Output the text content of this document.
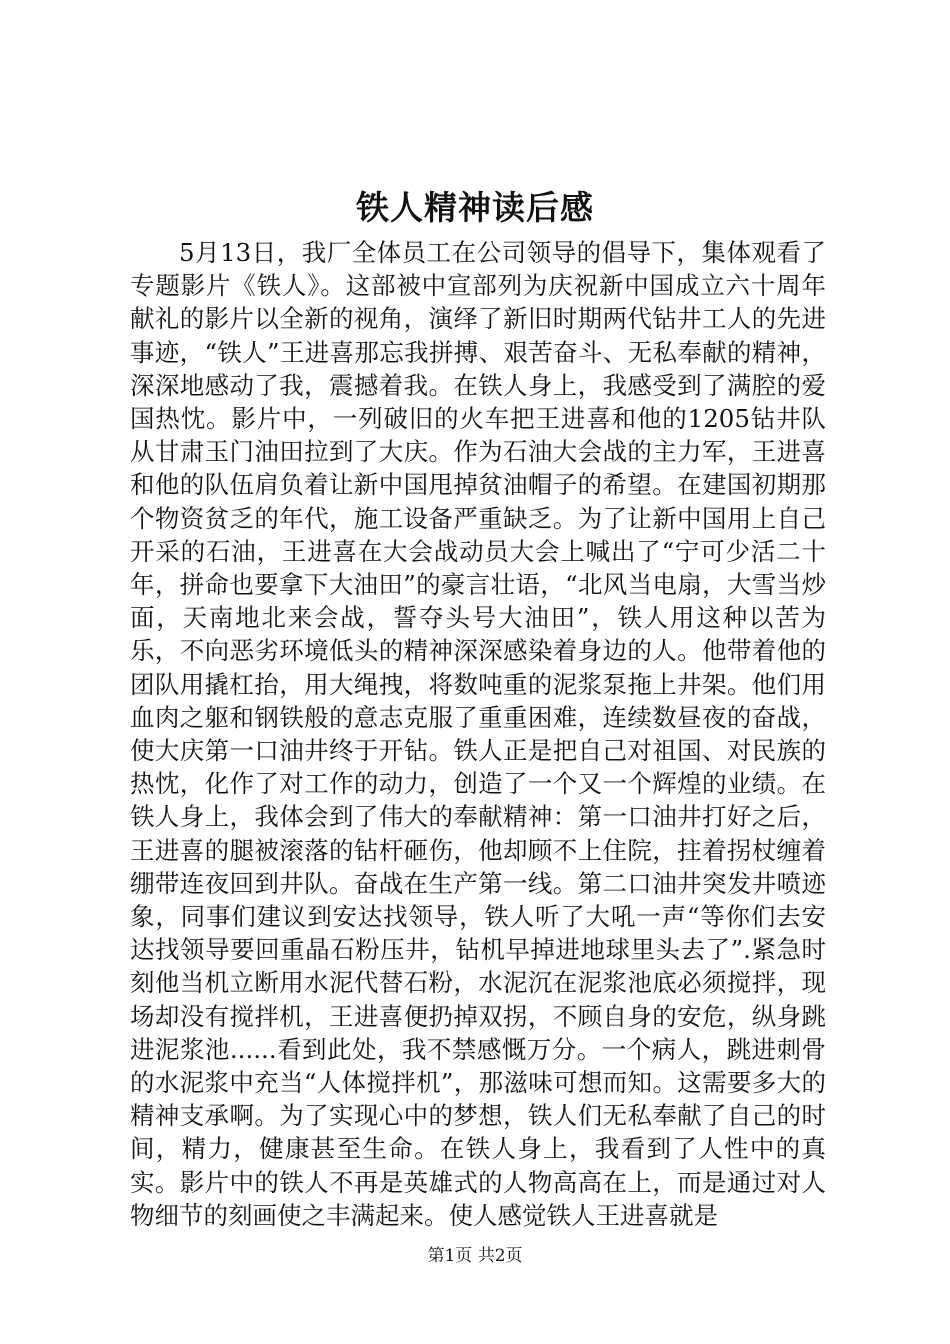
铁人精神读后感

5月13日，我厂全体员工在公司领导的倡导下，集体观看了专题影片《铁人》。这部被中宣部列为庆祝新中国成立六十周年献礼的影片以全新的视角，演绎了新旧时期两代钻井工人的先进事迹，“铁人”王进喜那忘我拼搏、艰苦奋斗、无私奉献的精神，深深地感动了我，震撼着我。在铁人身上，我感受到了满腔的爱国热忱。影片中，一列破旧的火车把王进喜和他的1205钻井队从甘肃玉门油田拉到了大庆。作为石油大会战的主力军，王进喜和他的队伍肩负着让新中国甩掉贫油帽子的希望。在建国初期那个物资贫乏的年代，施工设备严重缺乏。为了让新中国用上自己开采的石油，王进喜在大会战动员大会上喊出了“宁可少活二十年，拼命也要拿下大油田”的豪言壮语，“北风当电扇，大雪当炒面，天南地北来会战，誓夺头号大油田”，铁人用这种以苦为乐，不向恶劣环境低头的精神深深感染着身边的人。他带着他的团队用撬杠抬，用大绳拽，将数吨重的泥浆泵拖上井架。他们用血肉之躯和钢铁般的意志克服了重重困难，连续数昼夜的奋战，使大庆第一口油井终于开钻。铁人正是把自己对祖国、对民族的热忱，化作了对工作的动力，创造了一个又一个辉煌的业绩。在铁人身上，我体会到了伟大的奉献精神：第一口油井打好之后，王进喜的腿被滚落的钻杆砸伤，他却顾不上住院，拄着拐杖缠着绷带连夜回到井队。奋战在生产第一线。第二口油井突发井喷迹象，同事们建议到安达找领导，铁人听了大吼一声“等你们去安达找领导要回重晶石粉压井，钻机早掉进地球里头去了”.紧急时刻他当机立断用水泥代替石粉，水泥沉在泥浆池底必须搅拌，现场却没有搅拌机，王进喜便扔掉双拐，不顾自身的安危，纵身跳进泥浆池......看到此处，我不禁感慨万分。一个病人，跳进刺骨的水泥浆中充当“人体搅拌机”，那滋味可想而知。这需要多大的精神支承啊。为了实现心中的梦想，铁人们无私奉献了自己的时间，精力，健康甚至生命。在铁人身上，我看到了人性中的真实。影片中的铁人不再是英雄式的人物高高在上，而是通过对人物细节的刻画使之丰满起来。使人感觉铁人王进喜就是

第1页 共2页
